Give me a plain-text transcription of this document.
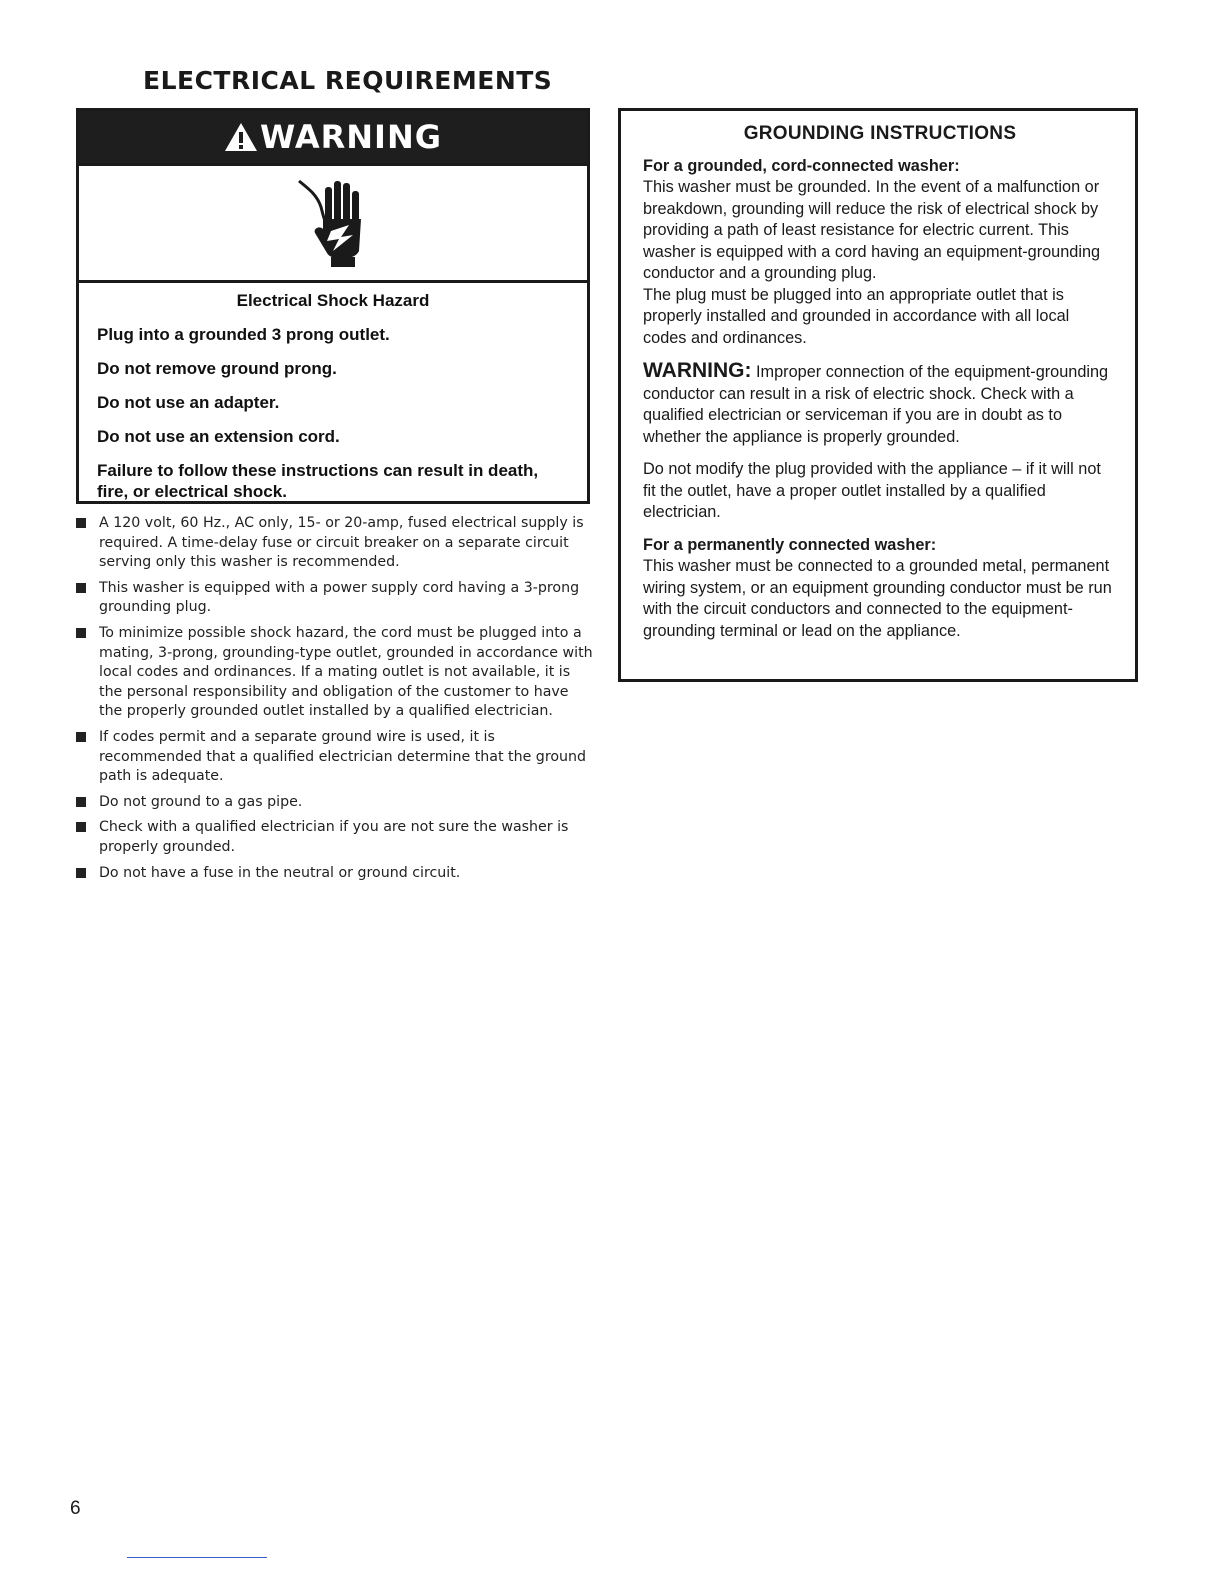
ELECTRICAL REQUIREMENTS
WARNING

Electrical Shock Hazard

Plug into a grounded 3 prong outlet.

Do not remove ground prong.

Do not use an adapter.

Do not use an extension cord.

Failure to follow these instructions can result in death, fire, or electrical shock.

A 120 volt, 60 Hz., AC only, 15- or 20-amp, fused electrical supply is required. A time-delay fuse or circuit breaker on a separate circuit serving only this washer is recommended.
This washer is equipped with a power supply cord having a 3-prong grounding plug.
To minimize possible shock hazard, the cord must be plugged into a mating, 3-prong, grounding-type outlet, grounded in accordance with local codes and ordinances. If a mating outlet is not available, it is the personal responsibility and obligation of the customer to have the properly grounded outlet installed by a qualified electrician.
If codes permit and a separate ground wire is used, it is recommended that a qualified electrician determine that the ground path is adequate.
Do not ground to a gas pipe.
Check with a qualified electrician if you are not sure the washer is properly grounded.
Do not have a fuse in the neutral or ground circuit.

GROUNDING INSTRUCTIONS

For a grounded, cord-connected washer:

This washer must be grounded. In the event of a malfunction or breakdown, grounding will reduce the risk of electrical shock by providing a path of least resistance for electric current. This washer is equipped with a cord having an equipment-grounding conductor and a grounding plug.

The plug must be plugged into an appropriate outlet that is properly installed and grounded in accordance with all local codes and ordinances.

WARNING: Improper connection of the equipment-grounding conductor can result in a risk of electric shock. Check with a qualified electrician or serviceman if you are in doubt as to whether the appliance is properly grounded.

Do not modify the plug provided with the appliance – if it will not fit the outlet, have a proper outlet installed by a qualified electrician.

For a permanently connected washer:

This washer must be connected to a grounded metal, permanent wiring system, or an equipment grounding conductor must be run with the circuit conductors and connected to the equipment-grounding terminal or lead on the appliance.

6
